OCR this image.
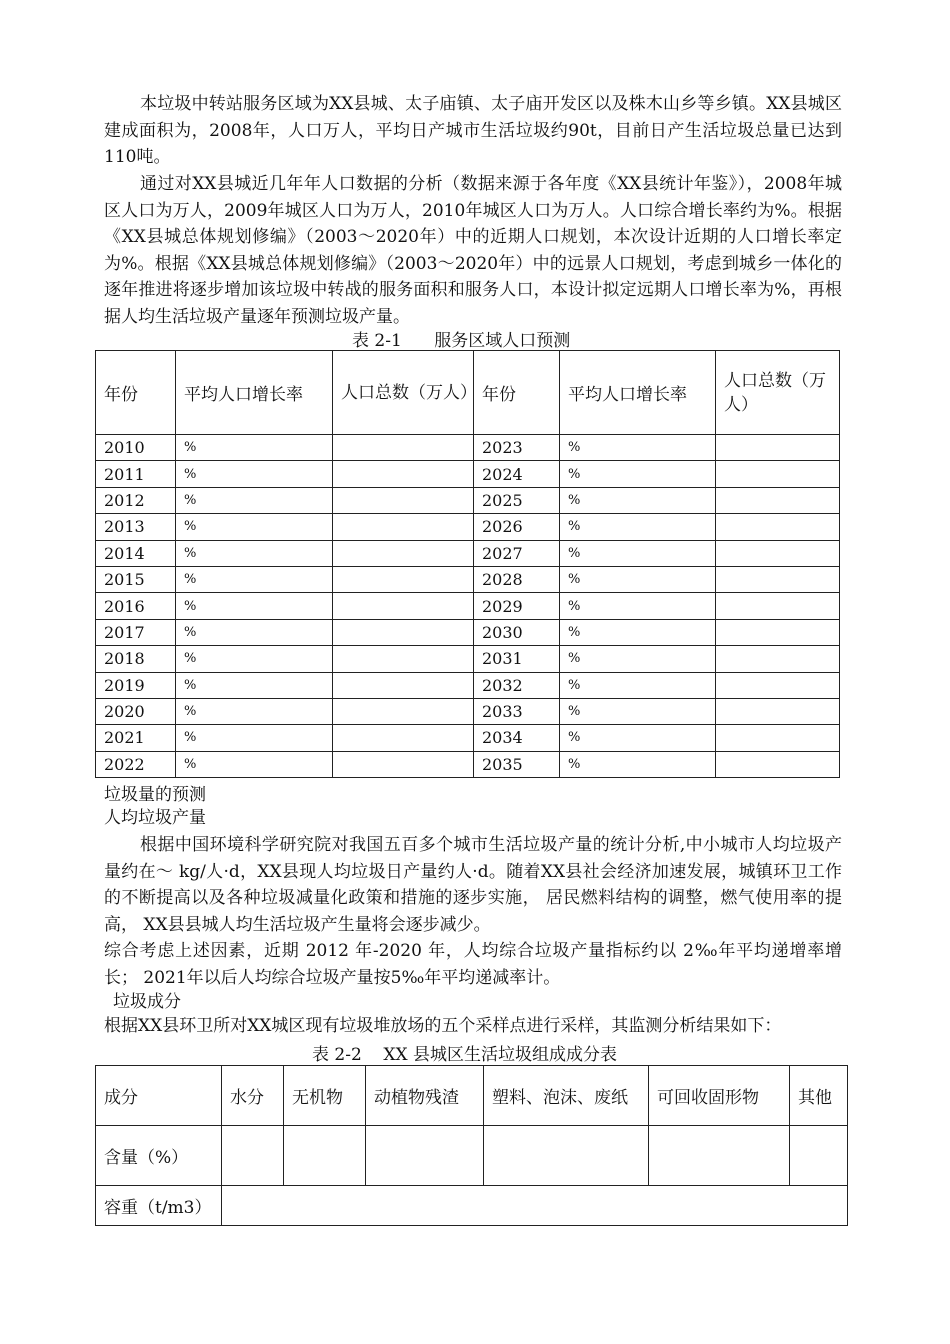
本垃圾中转站服务区域为XX县城、太子庙镇、太子庙开发区以及株木山乡等乡镇。XX县城区建成面积为，2008年，人口万人，平均日产城市生活垃圾约90t，目前日产生活垃圾总量已达到110吨。

通过对XX县城近几年年人口数据的分析（数据来源于各年度《XX县统计年鉴》），2008年城区人口为万人，2009年城区人口为万人，2010年城区人口为万人。人口综合增长率约为%。根据《XX县城总体规划修编》（2003～2020年）中的近期人口规划，本次设计近期的人口增长率定为%。根据《XX县城总体规划修编》（2003～2020年）中的远景人口规划，考虑到城乡一体化的逐年推进将逐步增加该垃圾中转战的服务面积和服务人口，本设计拟定远期人口增长率为%，再根据人均生活垃圾产量逐年预测垃圾产量。

表 2-1      服务区域人口预测
年份	平均人口增长率	人口总数（万人）	年份	平均人口增长率	人口总数（万人）
2010	%		2023	%	
2011	%		2024	%	
2012	%		2025	%	
2013	%		2026	%	
2014	%		2027	%	
2015	%		2028	%	
2016	%		2029	%	
2017	%		2030	%	
2018	%		2031	%	
2019	%		2032	%	
2020	%		2033	%	
2021	%		2034	%	
2022	%		2035	%	
垃圾量的预测
人均垃圾产量

根据中国环境科学研究院对我国五百多个城市生活垃圾产量的统计分析,中小城市人均垃圾产量约在～ kg/人·d，XX县现人均垃圾日产量约人·d。随着XX县社会经济加速发展，城镇环卫工作的不断提高以及各种垃圾减量化政策和措施的逐步实施， 居民燃料结构的调整，燃气使用率的提高， XX县县城人均生活垃圾产生量将会逐步减少。

综合考虑上述因素，近期 2012 年-2020 年，人均综合垃圾产量指标约以 2‰年平均递增率增长； 2021年以后人均综合垃圾产量按5‰年平均递减率计。

垃圾成分
根据XX县环卫所对XX城区现有垃圾堆放场的五个采样点进行采样，其监测分析结果如下：
表 2-2    XX 县城区生活垃圾组成成分表
成分	水分	无机物	动植物残渣	塑料、泡沫、废纸	可回收固形物	其他
含量（%）						
容重（t/m3）						
